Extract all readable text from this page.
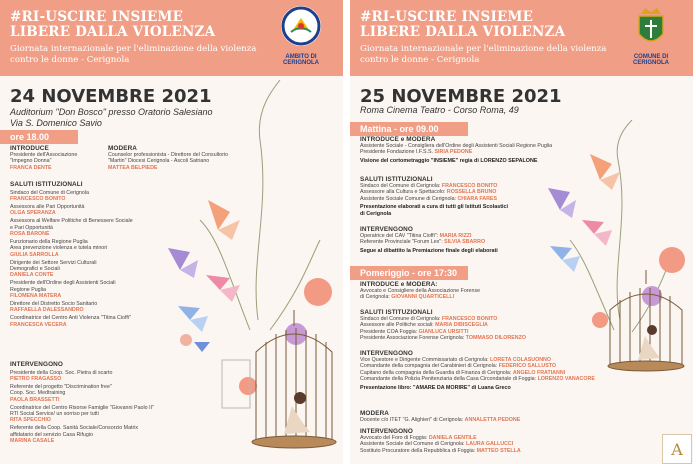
#RI-USCIRE INSIEME
LIBERE DALLA VIOLENZA
Giornata internazionale per l'eliminazione della violenza
contro le donne - Cerignola	AMBITO DI CERIGNOLA
24 NOVEMBRE 2021
Auditorium "Don Bosco" presso Oratorio Salesiano
Via S. Domenico Savio
ore 18.00
INTRODUCE
Presidente dell'Associazione
"Impegno Donna"
FRANCA DENTE
MODERA
Counselor professionista - Direttore del Consultorio
"Martin" Diocesi Cerignola - Ascoli Satriano
MATTEA BELPIEDE
SALUTI ISTITUZIONALI
Sindaco del Comune di Cerignola
FRANCESCO BONITO
Assessora alle Pari Opportunità
OLGA SPERANZA
Assessora al Welfare Politiche di Benessere Sociale
e Pari Opportunità
ROSA BARONE
Funzionario della Regione Puglia
Area prevenzione violenza e tutela minori
GIULIA SARROLLA
Dirigente dei Settore Servizi Culturali
Demografici e Sociali
DANIELA CONTE
Presidente dell'Ordine degli Assistenti Sociali
Regione Puglia
FILOMENA MATERA
Direttore del Distretto Socio Sanitario
RAFFAELLA DALESSANDRO
Coordinatrice del Centro Anti Violenza "Titina Cioffi"
FRANCESCA VECERA
INTERVENGONO
Presidente della Coop. Soc. Pietra di scarto
PIETRO FRAGASSO
Referente del progetto "Discrimination free"
Coop. Soc. Medtraining
PAOLA BRASSETTI
Coordinatrice del Centro Risorse Famiglie "Giovanni Paolo II"
RTI Social Service/ un sorriso per tutti
RITA SPECCHIO
Referente della Coop. Sanità Sociale/Consorzio Matrix
affidatario del servizio Casa Rifugio
MARINA CASALE
#RI-USCIRE INSIEME
LIBERE DALLA VIOLENZA
Giornata internazionale per l'eliminazione della violenza
contro le donne - Cerignola	COMUNE DI CERIGNOLA
25 NOVEMBRE 2021
Roma Cinema Teatro - Corso Roma, 49
Mattina - ore 09.00
INTRODUCE e MODERA
Assistente Sociale - Consigliera dell'Ordine degli Assistenti Sociali Regione Puglia
Presidente Fondazione I.F.S.S. SIRIA PEDONE
Visione del cortometraggio "INSIEME" regia di LORENZO SEPALONE
SALUTI ISTITUZIONALI
Sindaco del Comune di Cerignola: FRANCESCO BONITO
Assessore alla Cultura e Spettacolo: ROSSELLA BRUNO
Assistente Sociale Comune di Cerignola: CHIARA FARES
Presentazione elaborati a cura di tutti gli Istituti Scolastici
di Cerignola
INTERVENGONO
Operatrice del CAV "Titina Cioffi": MARIA RIZZI
Referente Provinciale "Forum Lex": SILVIA SBARRO
Segue al dibattito la Premiazione finale degli elaborati
Pomeriggio - ore 17:30
INTRODUCE e MODERA:
Avvocato e Consigliere della Associazione Forense
di Cerignola: GIOVANNI QUARTICELLI
SALUTI ISTITUZIONALI
Sindaco del Comune di Cerignola: FRANCESCO BONITO
Assessore alle Politiche sociali: MARIA DIBISCEGLIA
Presidente COA Foggia: GIANLUCA URSITTI
Presidente Associazione Forense Cerignola: TOMMASO DILORENZO
INTERVENGONO
Vice Questore e Dirigente Commissariato di Cerignola: LORETA COLASUONNO
Comandante della compagnia dei Carabinieri di Cerignola: FEDERICO SALLUSTO
Capitano della compagnia della Guardia di Finanza di Cerignola: ANGELO FRATIANNI
Comandante della Polizia Penitenziaria della Casa Circondariale di Foggia: LORENZO VANACORE
Presentazione libro: "AMARE DA MORIRE" di Luana Greco
MODERA
Docente c/o ITET "G. Alighieri" di Cerignola: ANNALETTA PEDONE
INTERVENGONO
Avvocato del Foro di Foggia: DANIELA GENTILE
Assistente Sociale del Comune di Cerignola: LAURA GALLUCCI
Sostituto Procuratore della Repubblica di Foggia: MATTEO STELLA	A
